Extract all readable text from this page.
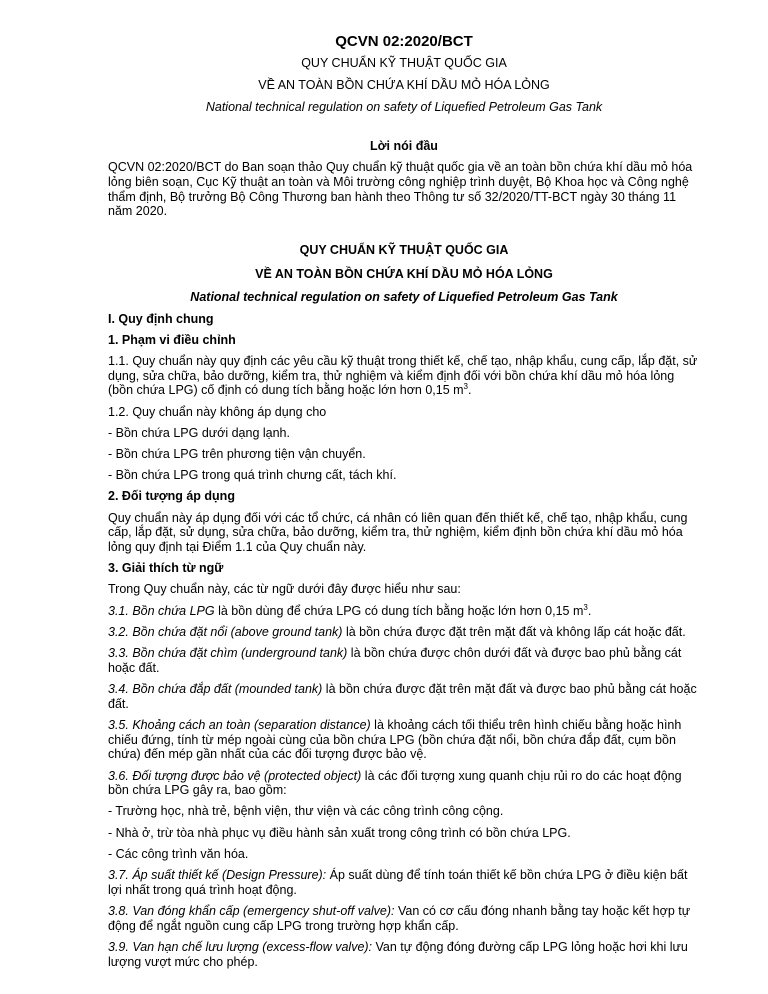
QCVN 02:2020/BCT
QUY CHUẨN KỸ THUẬT QUỐC GIA
VỀ AN TOÀN BỒN CHỨA KHÍ DẦU MỎ HÓA LỎNG
National technical regulation on safety of Liquefied Petroleum Gas Tank

Lời nói đầu

QCVN 02:2020/BCT do Ban soạn thảo Quy chuẩn kỹ thuật quốc gia về an toàn bồn chứa khí dầu mỏ hóa lỏng biên soạn, Cục Kỹ thuật an toàn và Môi trường công nghiệp trình duyệt, Bộ Khoa học và Công nghệ thẩm định, Bộ trưởng Bộ Công Thương ban hành theo Thông tư số 32/2020/TT-BCT ngày 30 tháng 11 năm 2020.

QUY CHUẨN KỸ THUẬT QUỐC GIA

VỀ AN TOÀN BỒN CHỨA KHÍ DẦU MỎ HÓA LỎNG

National technical regulation on safety of Liquefied Petroleum Gas Tank

I. Quy định chung

1. Phạm vi điều chỉnh

1.1. Quy chuẩn này quy định các yêu cầu kỹ thuật trong thiết kế, chế tạo, nhập khẩu, cung cấp, lắp đặt, sử dụng, sửa chữa, bảo dưỡng, kiểm tra, thử nghiệm và kiểm định đối với bồn chứa khí dầu mỏ hóa lỏng (bồn chứa LPG) cố định có dung tích bằng hoặc lớn hơn 0,15 $m^3$.

1.2. Quy chuẩn này không áp dụng cho

- Bồn chứa LPG dưới dạng lạnh.

- Bồn chứa LPG trên phương tiện vận chuyển.

- Bồn chứa LPG trong quá trình chưng cất, tách khí.

2. Đối tượng áp dụng

Quy chuẩn này áp dụng đối với các tổ chức, cá nhân có liên quan đến thiết kế, chế tạo, nhập khẩu, cung cấp, lắp đặt, sử dụng, sửa chữa, bảo dưỡng, kiểm tra, thử nghiệm, kiểm định bồn chứa khí dầu mỏ hóa lỏng quy định tại Điểm 1.1 của Quy chuẩn này.

3. Giải thích từ ngữ

Trong Quy chuẩn này, các từ ngữ dưới đây được hiểu như sau:

3.1. Bồn chứa LPG là bồn dùng để chứa LPG có dung tích bằng hoặc lớn hơn 0,15 $m^3$.

3.2. Bồn chứa đặt nổi (above ground tank) là bồn chứa được đặt trên mặt đất và không lấp cát hoặc đất.

3.3. Bồn chứa đặt chìm (underground tank) là bồn chứa được chôn dưới đất và được bao phủ bằng cát hoặc đất.

3.4. Bồn chứa đắp đất (mounded tank) là bồn chứa được đặt trên mặt đất và được bao phủ bằng cát hoặc đất.

3.5. Khoảng cách an toàn (separation distance) là khoảng cách tối thiểu trên hình chiếu bằng hoặc hình chiếu đứng, tính từ mép ngoài cùng của bồn chứa LPG (bồn chứa đặt nổi, bồn chứa đắp đất, cụm bồn chứa) đến mép gần nhất của các đối tượng được bảo vệ.

3.6. Đối tượng được bảo vệ (protected object) là các đối tượng xung quanh chịu rủi ro do các hoạt động bồn chứa LPG gây ra, bao gồm:

- Trường học, nhà trẻ, bệnh viện, thư viện và các công trình công cộng.

- Nhà ở, trừ tòa nhà phục vụ điều hành sản xuất trong công trình có bồn chứa LPG.

- Các công trình văn hóa.

3.7. Áp suất thiết kế (Design Pressure): Áp suất dùng để tính toán thiết kế bồn chứa LPG ở điều kiện bất lợi nhất trong quá trình hoạt động.

3.8. Van đóng khẩn cấp (emergency shut-off valve): Van có cơ cấu đóng nhanh bằng tay hoặc kết hợp tự động để ngắt nguồn cung cấp LPG trong trường hợp khẩn cấp.

3.9. Van hạn chế lưu lượng (excess-flow valve): Van tự động đóng đường cấp LPG lỏng hoặc hơi khi lưu lượng vượt mức cho phép.
